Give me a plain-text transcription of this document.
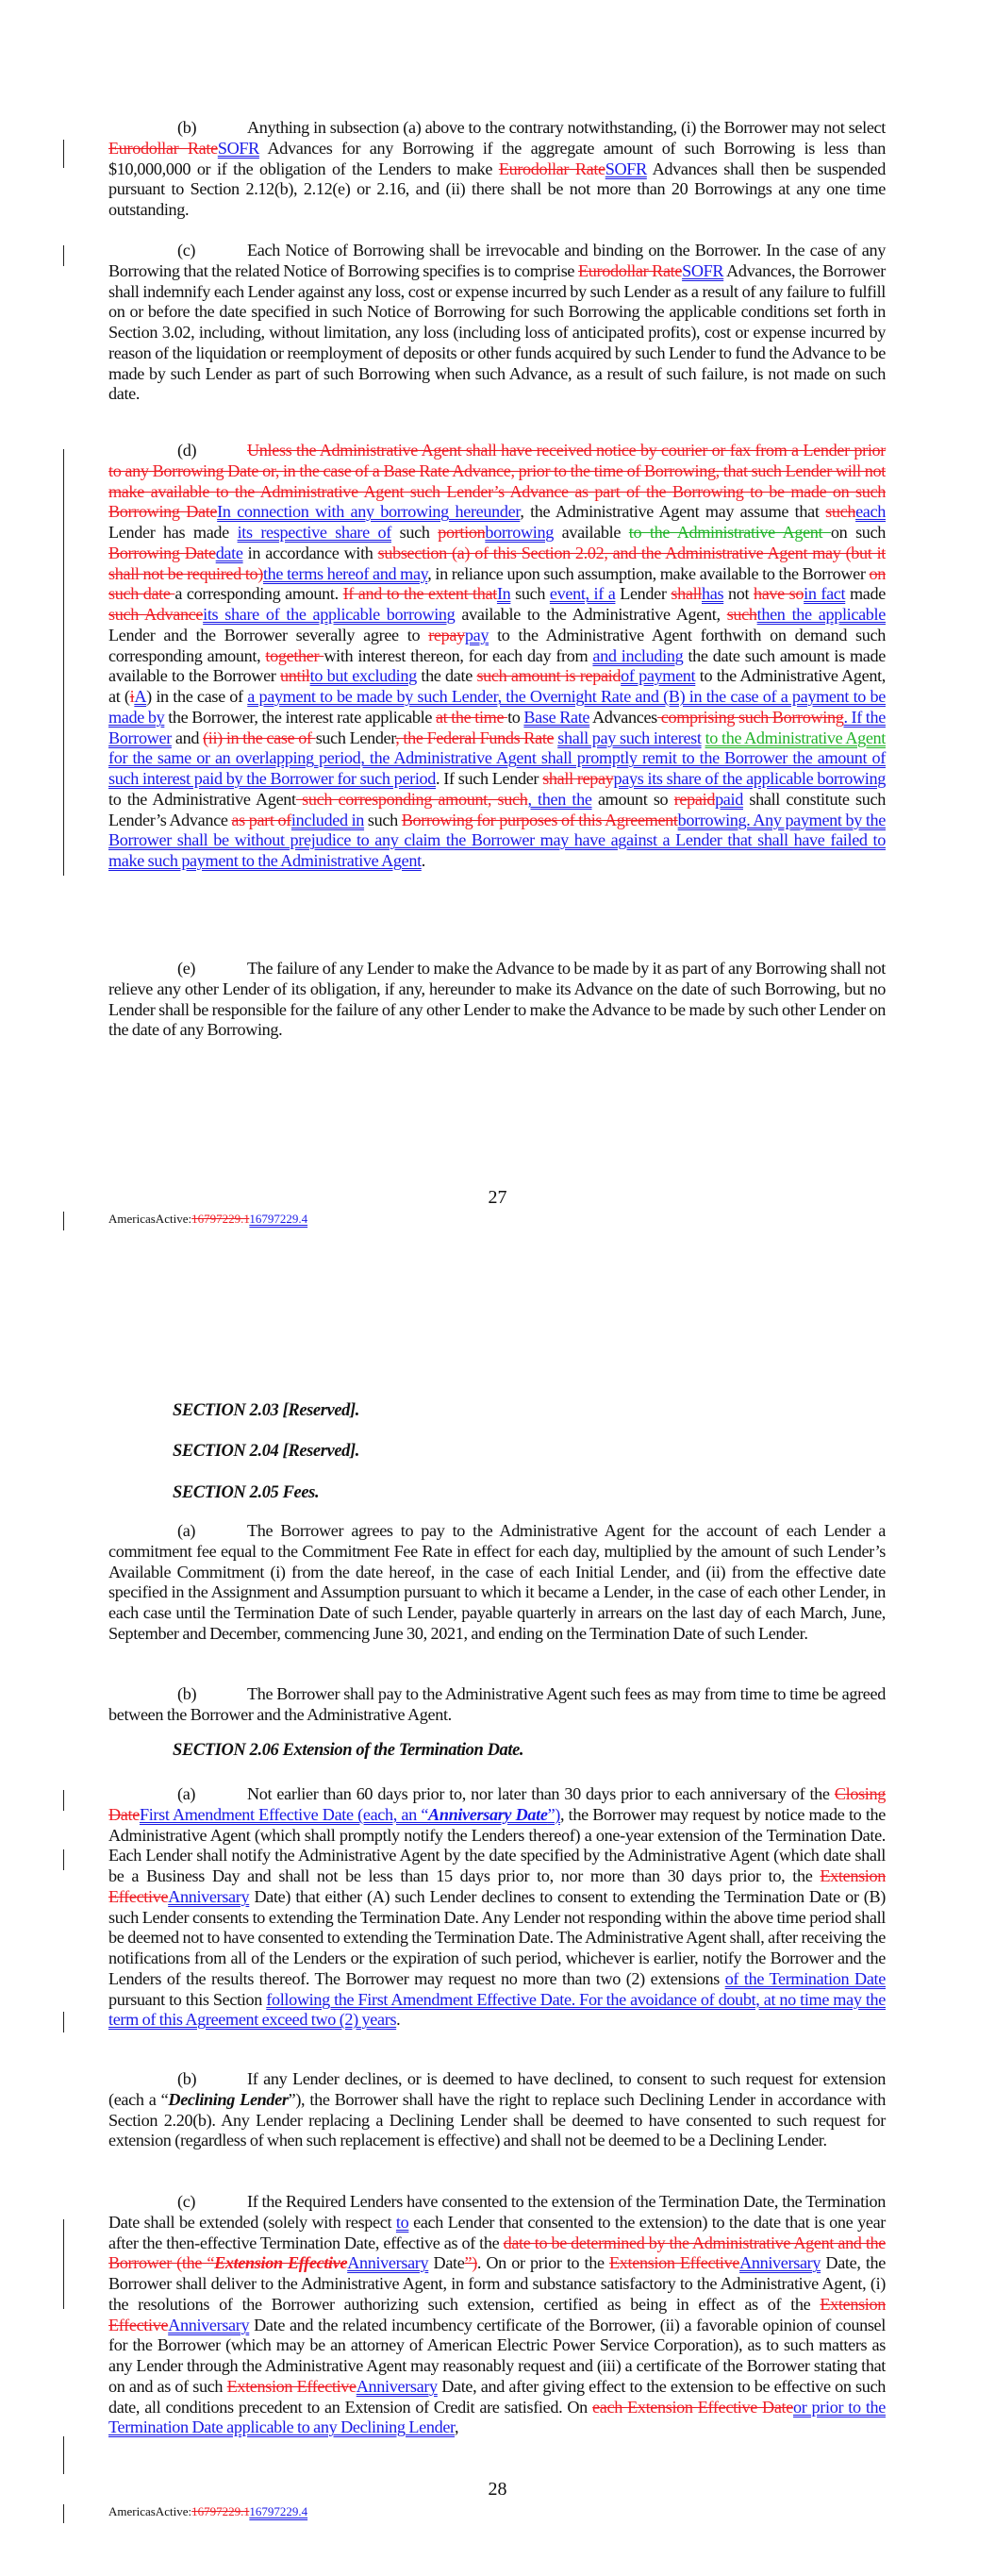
(b)	Anything in subsection (a) above to the contrary notwithstanding, (i) the Borrower may not select Eurodollar RateSOFR Advances for any Borrowing if the aggregate amount of such Borrowing is less than $10,000,000 or if the obligation of the Lenders to make Eurodollar RateSOFR Advances shall then be suspended pursuant to Section 2.12(b), 2.12(e) or 2.16, and (ii) there shall be not more than 20 Borrowings at any one time outstanding.
(c)	Each Notice of Borrowing shall be irrevocable and binding on the Borrower. In the case of any Borrowing that the related Notice of Borrowing specifies is to comprise Eurodollar RateSOFR Advances, the Borrower shall indemnify each Lender against any loss, cost or expense incurred by such Lender as a result of any failure to fulfill on or before the date specified in such Notice of Borrowing for such Borrowing the applicable conditions set forth in Section 3.02, including, without limitation, any loss (including loss of anticipated profits), cost or expense incurred by reason of the liquidation or reemployment of deposits or other funds acquired by such Lender to fund the Advance to be made by such Lender as part of such Borrowing when such Advance, as a result of such failure, is not made on such date.
(d)	Unless the Administrative Agent shall have received notice by courier or fax from a Lender prior to any Borrowing Date or, in the case of a Base Rate Advance, prior to the time of Borrowing, that such Lender will not make available to the Administrative Agent such Lender’s Advance as part of the Borrowing to be made on such Borrowing DateIn connection with any borrowing hereunder, the Administrative Agent may assume that sucheach Lender has made its respective share of such portionborrowing available to the Administrative Agent on such Borrowing Datedate in accordance with subsection (a) of this Section 2.02, and the Administrative Agent may (but it shall not be required to)the terms hereof and may, in reliance upon such assumption, make available to the Borrower on such date a corresponding amount. If and to the extent thatIn such event, if a Lender shallhas not have soin fact made such Advanceits share of the applicable borrowing available to the Administrative Agent, suchthen the applicable Lender and the Borrower severally agree to repaypay to the Administrative Agent forthwith on demand such corresponding amount, together with interest thereon, for each day from and including the date such amount is made available to the Borrower untilto but excluding the date such amount is repaidof payment to the Administrative Agent, at (iA) in the case of a payment to be made by such Lender, the Overnight Rate and (B) in the case of a payment to be made by the Borrower, the interest rate applicable at the time to Base Rate Advances comprising such Borrowing. If the Borrower and (ii) in the case of such Lender, the Federal Funds Rate shall pay such interest to the Administrative Agent for the same or an overlapping period, the Administrative Agent shall promptly remit to the Borrower the amount of such interest paid by the Borrower for such period. If such Lender shall repaypays its share of the applicable borrowing to the Administrative Agent such corresponding amount, such, then the amount so repaidpaid shall constitute such Lender’s Advance as part ofincluded in such Borrowing for purposes of this Agreementborrowing. Any payment by the Borrower shall be without prejudice to any claim the Borrower may have against a Lender that shall have failed to make such payment to the Administrative Agent.
(e)	The failure of any Lender to make the Advance to be made by it as part of any Borrowing shall not relieve any other Lender of its obligation, if any, hereunder to make its Advance on the date of such Borrowing, but no Lender shall be responsible for the failure of any other Lender to make the Advance to be made by such other Lender on the date of any Borrowing.
27
AmericasActive:16797229.116797229.4
SECTION 2.03 [Reserved].
SECTION 2.04 [Reserved].
SECTION 2.05 Fees.
(a)	The Borrower agrees to pay to the Administrative Agent for the account of each Lender a commitment fee equal to the Commitment Fee Rate in effect for each day, multiplied by the amount of such Lender’s Available Commitment (i) from the date hereof, in the case of each Initial Lender, and (ii) from the effective date specified in the Assignment and Assumption pursuant to which it became a Lender, in the case of each other Lender, in each case until the Termination Date of such Lender, payable quarterly in arrears on the last day of each March, June, September and December, commencing June 30, 2021, and ending on the Termination Date of such Lender.
(b)	The Borrower shall pay to the Administrative Agent such fees as may from time to time be agreed between the Borrower and the Administrative Agent.
SECTION 2.06 Extension of the Termination Date.
(a)	Not earlier than 60 days prior to, nor later than 30 days prior to each anniversary of the Closing DateFirst Amendment Effective Date (each, an “Anniversary Date”), the Borrower may request by notice made to the Administrative Agent (which shall promptly notify the Lenders thereof) a one-year extension of the Termination Date. Each Lender shall notify the Administrative Agent by the date specified by the Administrative Agent (which date shall be a Business Day and shall not be less than 15 days prior to, nor more than 30 days prior to, the Extension EffectiveAnniversary Date) that either (A) such Lender declines to consent to extending the Termination Date or (B) such Lender consents to extending the Termination Date. Any Lender not responding within the above time period shall be deemed not to have consented to extending the Termination Date. The Administrative Agent shall, after receiving the notifications from all of the Lenders or the expiration of such period, whichever is earlier, notify the Borrower and the Lenders of the results thereof. The Borrower may request no more than two (2) extensions of the Termination Date pursuant to this Section following the First Amendment Effective Date. For the avoidance of doubt, at no time may the term of this Agreement exceed two (2) years.
(b)	If any Lender declines, or is deemed to have declined, to consent to such request for extension (each a “Declining Lender”), the Borrower shall have the right to replace such Declining Lender in accordance with Section 2.20(b). Any Lender replacing a Declining Lender shall be deemed to have consented to such request for extension (regardless of when such replacement is effective) and shall not be deemed to be a Declining Lender.
(c)	If the Required Lenders have consented to the extension of the Termination Date, the Termination Date shall be extended (solely with respect to each Lender that consented to the extension) to the date that is one year after the then-effective Termination Date, effective as of the date to be determined by the Administrative Agent and the Borrower (the “Extension EffectiveAnniversary Date”). On or prior to the Extension EffectiveAnniversary Date, the Borrower shall deliver to the Administrative Agent, in form and substance satisfactory to the Administrative Agent, (i) the resolutions of the Borrower authorizing such extension, certified as being in effect as of the Extension EffectiveAnniversary Date and the related incumbency certificate of the Borrower, (ii) a favorable opinion of counsel for the Borrower (which may be an attorney of American Electric Power Service Corporation), as to such matters as any Lender through the Administrative Agent may reasonably request and (iii) a certificate of the Borrower stating that on and as of such Extension EffectiveAnniversary Date, and after giving effect to the extension to be effective on such date, all conditions precedent to an Extension of Credit are satisfied. On each Extension Effective Dateor prior to the Termination Date applicable to any Declining Lender,
28
AmericasActive:16797229.116797229.4
